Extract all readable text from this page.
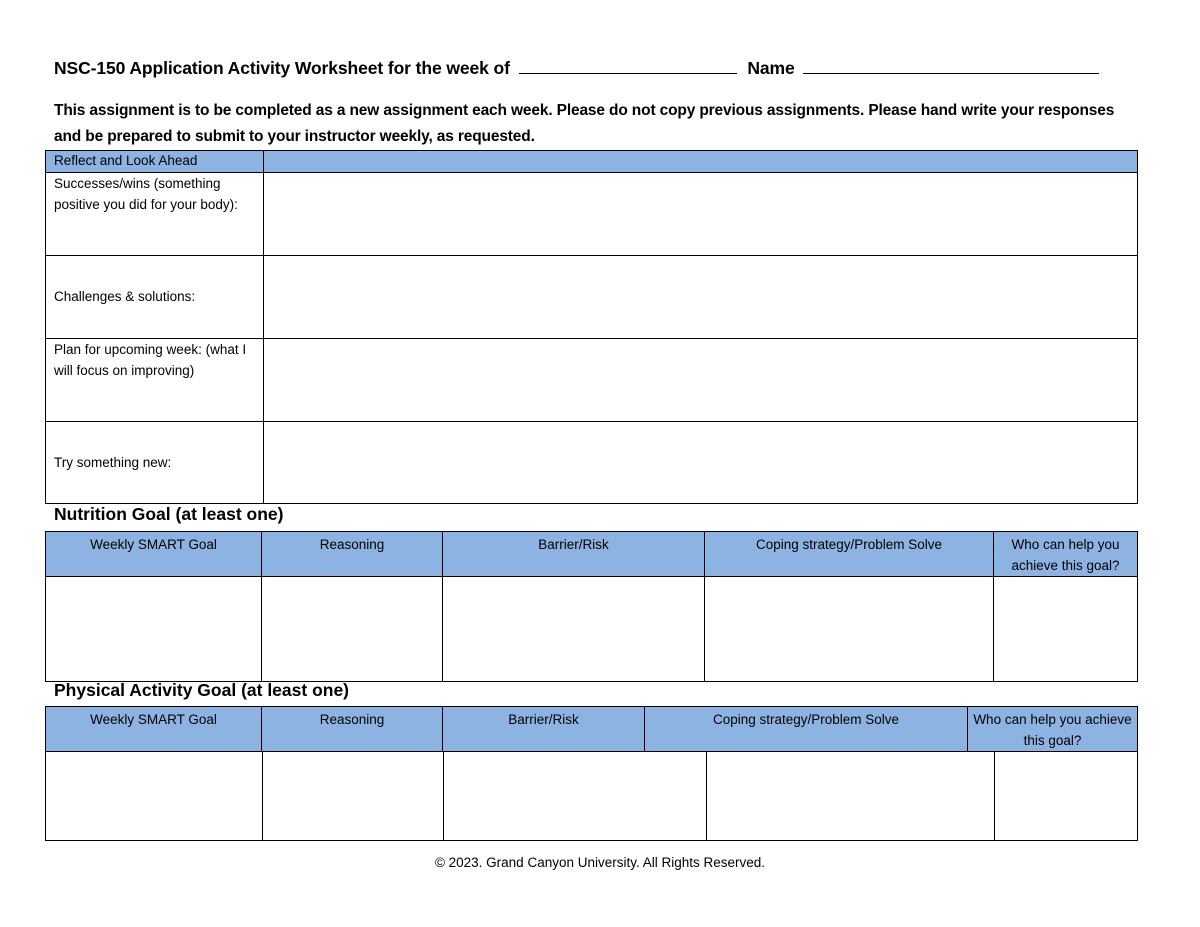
NSC-150 Application Activity Worksheet for the week of	Name
This assignment is to be completed as a new assignment each week. Please do not copy previous assignments. Please hand write your responses and be prepared to submit to your instructor weekly, as requested.
Reflect and Look Ahead	
Successes/wins (something positive you did for your body):	

Challenges & solutions:	

Plan for upcoming week: (what I will focus on improving)	

Try something new:	

Nutrition Goal (at least one)
Weekly SMART Goal	Reasoning	Barrier/Risk	Coping strategy/Problem Solve	Who can help you achieve this goal?

Physical Activity Goal (at least one)
Weekly SMART Goal	Reasoning	Barrier/Risk	Coping strategy/Problem Solve	Who can help you achieve this goal?

© 2023. Grand Canyon University. All Rights Reserved.
